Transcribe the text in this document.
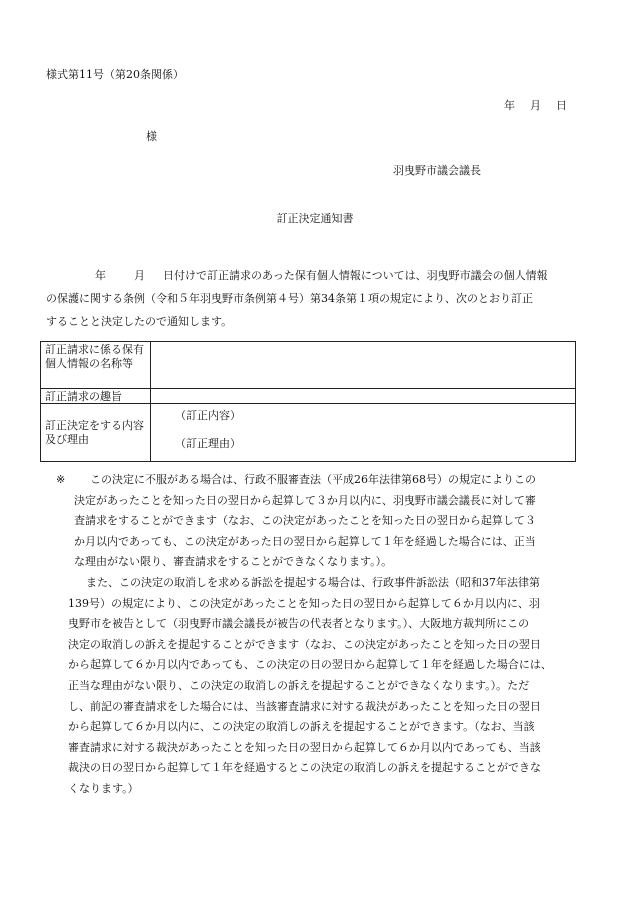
様式第11号（第20条関係）
年 月 日
様
羽曳野市議会議長
訂正決定通知書

年	月 日付けで訂正請求のあった保有個人情報については、羽曳野市議会の個人情報

の保護に関する条例（令和５年羽曳野市条例第４号）第34条第１項の規定により、次のとおり訂正

することと決定したので通知します。

訂正請求に係る保有個人情報の名称等
訂正請求の趣旨
訂正決定をする内容及び理由
（訂正内容）
（訂正理由）

※ この決定に不服がある場合は、行政不服審査法（平成26年法律第68号）の規定によりこの

決定があったことを知った日の翌日から起算して３か月以内に、羽曳野市議会議長に対して審

査請求をすることができます（なお、この決定があったことを知った日の翌日から起算して３

か月以内であっても、この決定があった日の翌日から起算して１年を経過した場合には、正当

な理由がない限り、審査請求をすることができなくなります。）。

また、この決定の取消しを求める訴訟を提起する場合は、行政事件訴訟法（昭和37年法律第

139号）の規定により、この決定があったことを知った日の翌日から起算して６か月以内に、羽

曳野市を被告として（羽曳野市議会議長が被告の代表者となります。）、大阪地方裁判所にこの

決定の取消しの訴えを提起することができます（なお、この決定があったことを知った日の翌日

から起算して６か月以内であっても、この決定の日の翌日から起算して１年を経過した場合には、

正当な理由がない限り、この決定の取消しの訴えを提起することができなくなります。）。ただ

し、前記の審査請求をした場合には、当該審査請求に対する裁決があったことを知った日の翌日

から起算して６か月以内に、この決定の取消しの訴えを提起することができます。（なお、当該

審査請求に対する裁決があったことを知った日の翌日から起算して６か月以内であっても、当該

裁決の日の翌日から起算して１年を経過するとこの決定の取消しの訴えを提起することができな

くなります。）
